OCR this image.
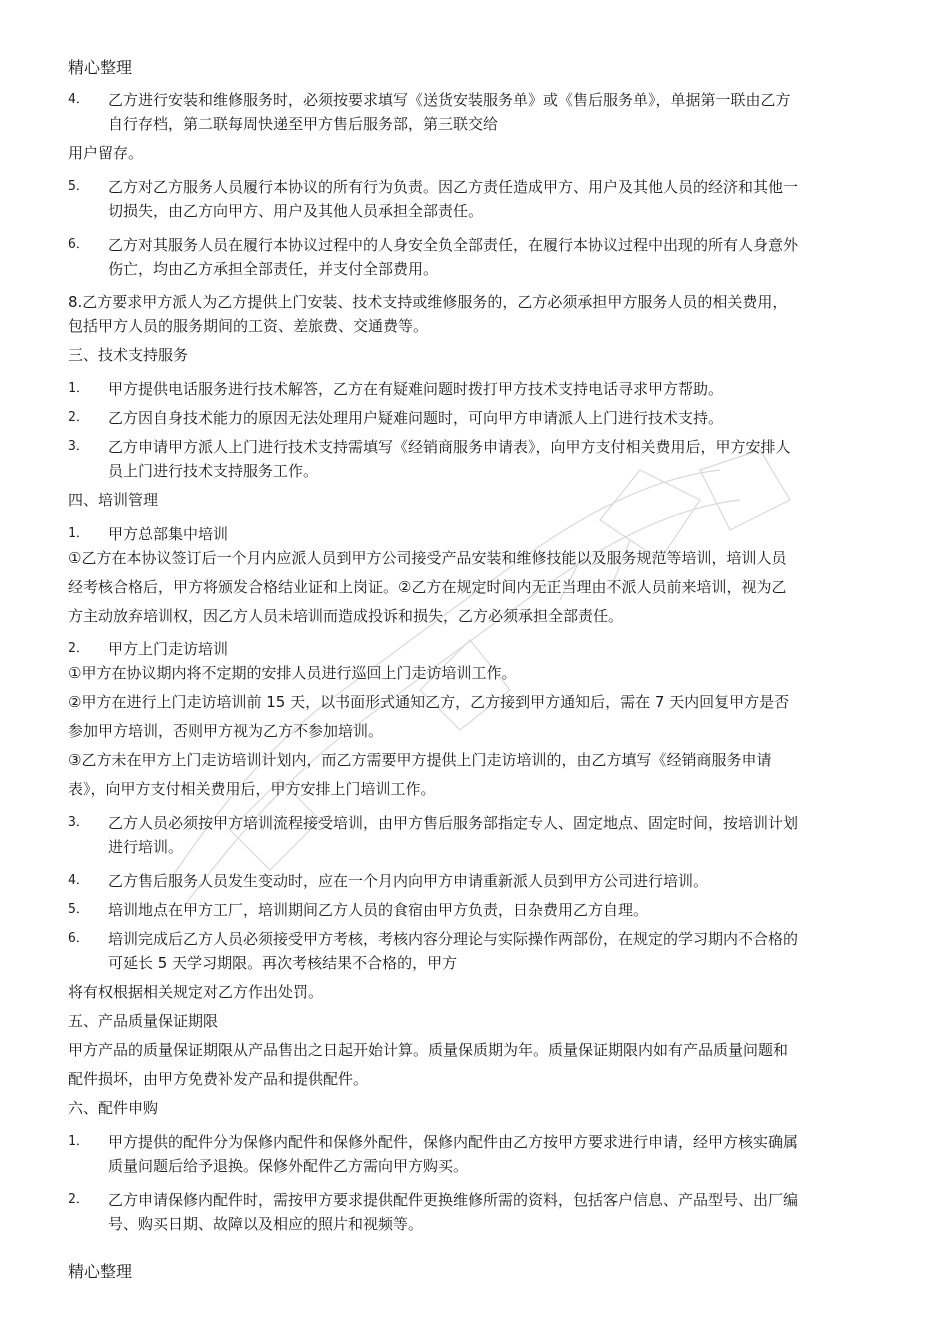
精心整理
4． 乙方进行安装和维修服务时，必须按要求填写《送货安装服务单》或《售后服务单》，单据第一联由乙方
自行存档，第二联每周快递至甲方售后服务部，第三联交给
用户留存。
5． 乙方对乙方服务人员履行本协议的所有行为负责。因乙方责任造成甲方、用户及其他人员的经济和其他一
切损失，由乙方向甲方、用户及其他人员承担全部责任。
6． 乙方对其服务人员在履行本协议过程中的人身安全负全部责任，在履行本协议过程中出现的所有人身意外
伤亡，均由乙方承担全部责任，并支付全部费用。
8.乙方要求甲方派人为乙方提供上门安装、技术支持或维修服务的，乙方必须承担甲方服务人员的相关费用，
包括甲方人员的服务期间的工资、差旅费、交通费等。
三、技术支持服务
1． 甲方提供电话服务进行技术解答，乙方在有疑难问题时拨打甲方技术支持电话寻求甲方帮助。
2． 乙方因自身技术能力的原因无法处理用户疑难问题时，可向甲方申请派人上门进行技术支持。
3． 乙方申请甲方派人上门进行技术支持需填写《经销商服务申请表》，向甲方支付相关费用后，甲方安排人
员上门进行技术支持服务工作。
四、培训管理
1． 甲方总部集中培训
①乙方在本协议签订后一个月内应派人员到甲方公司接受产品安装和维修技能以及服务规范等培训，培训人员
经考核合格后，甲方将颁发合格结业证和上岗证。②乙方在规定时间内无正当理由不派人员前来培训，视为乙
方主动放弃培训权，因乙方人员未培训而造成投诉和损失，乙方必须承担全部责任。
2． 甲方上门走访培训
①甲方在协议期内将不定期的安排人员进行巡回上门走访培训工作。
②甲方在进行上门走访培训前 15 天，以书面形式通知乙方，乙方接到甲方通知后，需在 7 天内回复甲方是否
参加甲方培训，否则甲方视为乙方不参加培训。
③乙方未在甲方上门走访培训计划内，而乙方需要甲方提供上门走访培训的，由乙方填写《经销商服务申请
表》，向甲方支付相关费用后，甲方安排上门培训工作。
3． 乙方人员必须按甲方培训流程接受培训，由甲方售后服务部指定专人、固定地点、固定时间，按培训计划
进行培训。
4． 乙方售后服务人员发生变动时，应在一个月内向甲方申请重新派人员到甲方公司进行培训。
5． 培训地点在甲方工厂，培训期间乙方人员的食宿由甲方负责，日杂费用乙方自理。
6． 培训完成后乙方人员必须接受甲方考核，考核内容分理论与实际操作两部份，在规定的学习期内不合格的
可延长 5 天学习期限。再次考核结果不合格的，甲方
将有权根据相关规定对乙方作出处罚。
五、产品质量保证期限
甲方产品的质量保证期限从产品售出之日起开始计算。质量保质期为年。质量保证期限内如有产品质量问题和
配件损坏，由甲方免费补发产品和提供配件。
六、配件申购
1． 甲方提供的配件分为保修内配件和保修外配件，保修内配件由乙方按甲方要求进行申请，经甲方核实确属
质量问题后给予退换。保修外配件乙方需向甲方购买。
2． 乙方申请保修内配件时，需按甲方要求提供配件更换维修所需的资料，包括客户信息、产品型号、出厂编
号、购买日期、故障以及相应的照片和视频等。
精心整理
